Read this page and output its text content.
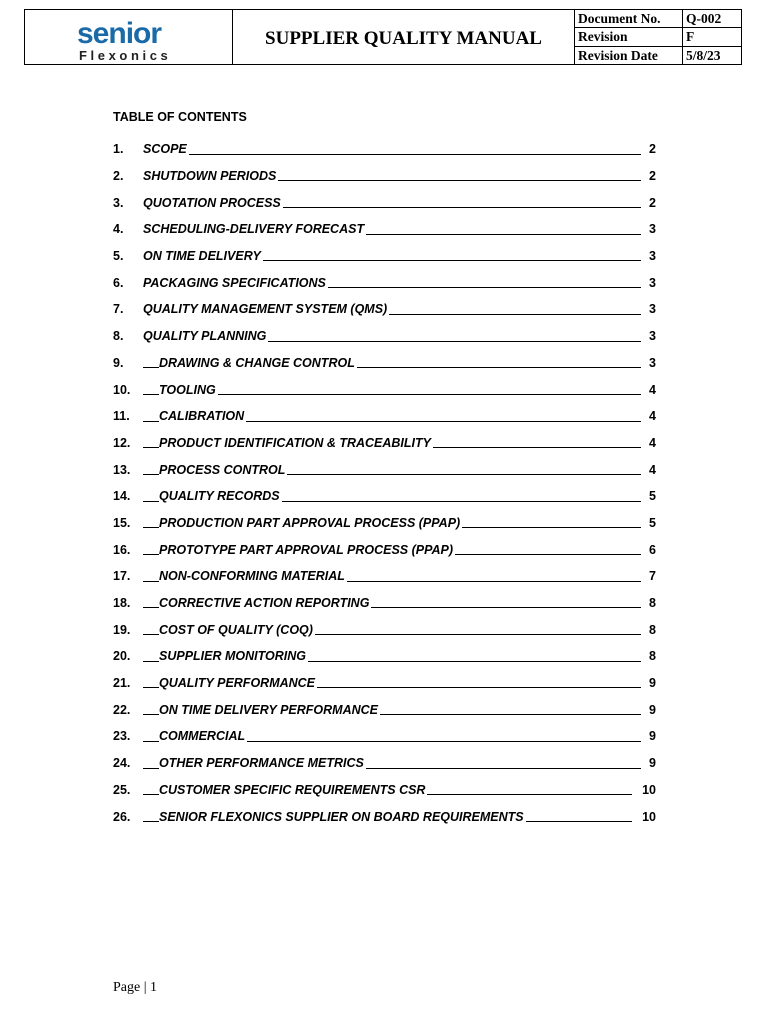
senior
Flexonics
SUPPLIER QUALITY MANUAL
Document No.	Q-002
Revision	F
Revision Date	5/8/23
TABLE OF CONTENTS
1.	SCOPE	2
2.	SHUTDOWN PERIODS	2
3.	QUOTATION PROCESS	2
4.	SCHEDULING-DELIVERY FORECAST	3
5.	ON TIME DELIVERY	3
6.	PACKAGING SPECIFICATIONS	3
7.	QUALITY MANAGEMENT SYSTEM (QMS)	3
8.	QUALITY PLANNING	3
9.	DRAWING & CHANGE CONTROL	3
10.	TOOLING	4
11.	CALIBRATION	4
12.	PRODUCT IDENTIFICATION & TRACEABILITY	4
13.	PROCESS CONTROL	4
14.	QUALITY RECORDS	5
15.	PRODUCTION PART APPROVAL PROCESS (PPAP)	5
16.	PROTOTYPE PART APPROVAL PROCESS (PPAP)	6
17.	NON-CONFORMING MATERIAL	7
18.	CORRECTIVE ACTION REPORTING	8
19.	COST OF QUALITY (COQ)	8
20.	SUPPLIER MONITORING	8
21.	QUALITY PERFORMANCE	9
22.	ON TIME DELIVERY PERFORMANCE	9
23.	COMMERCIAL	9
24.	OTHER PERFORMANCE METRICS	9
25.	CUSTOMER SPECIFIC REQUIREMENTS CSR	10
26.	SENIOR FLEXONICS SUPPLIER ON BOARD REQUIREMENTS	10
Page | 1
